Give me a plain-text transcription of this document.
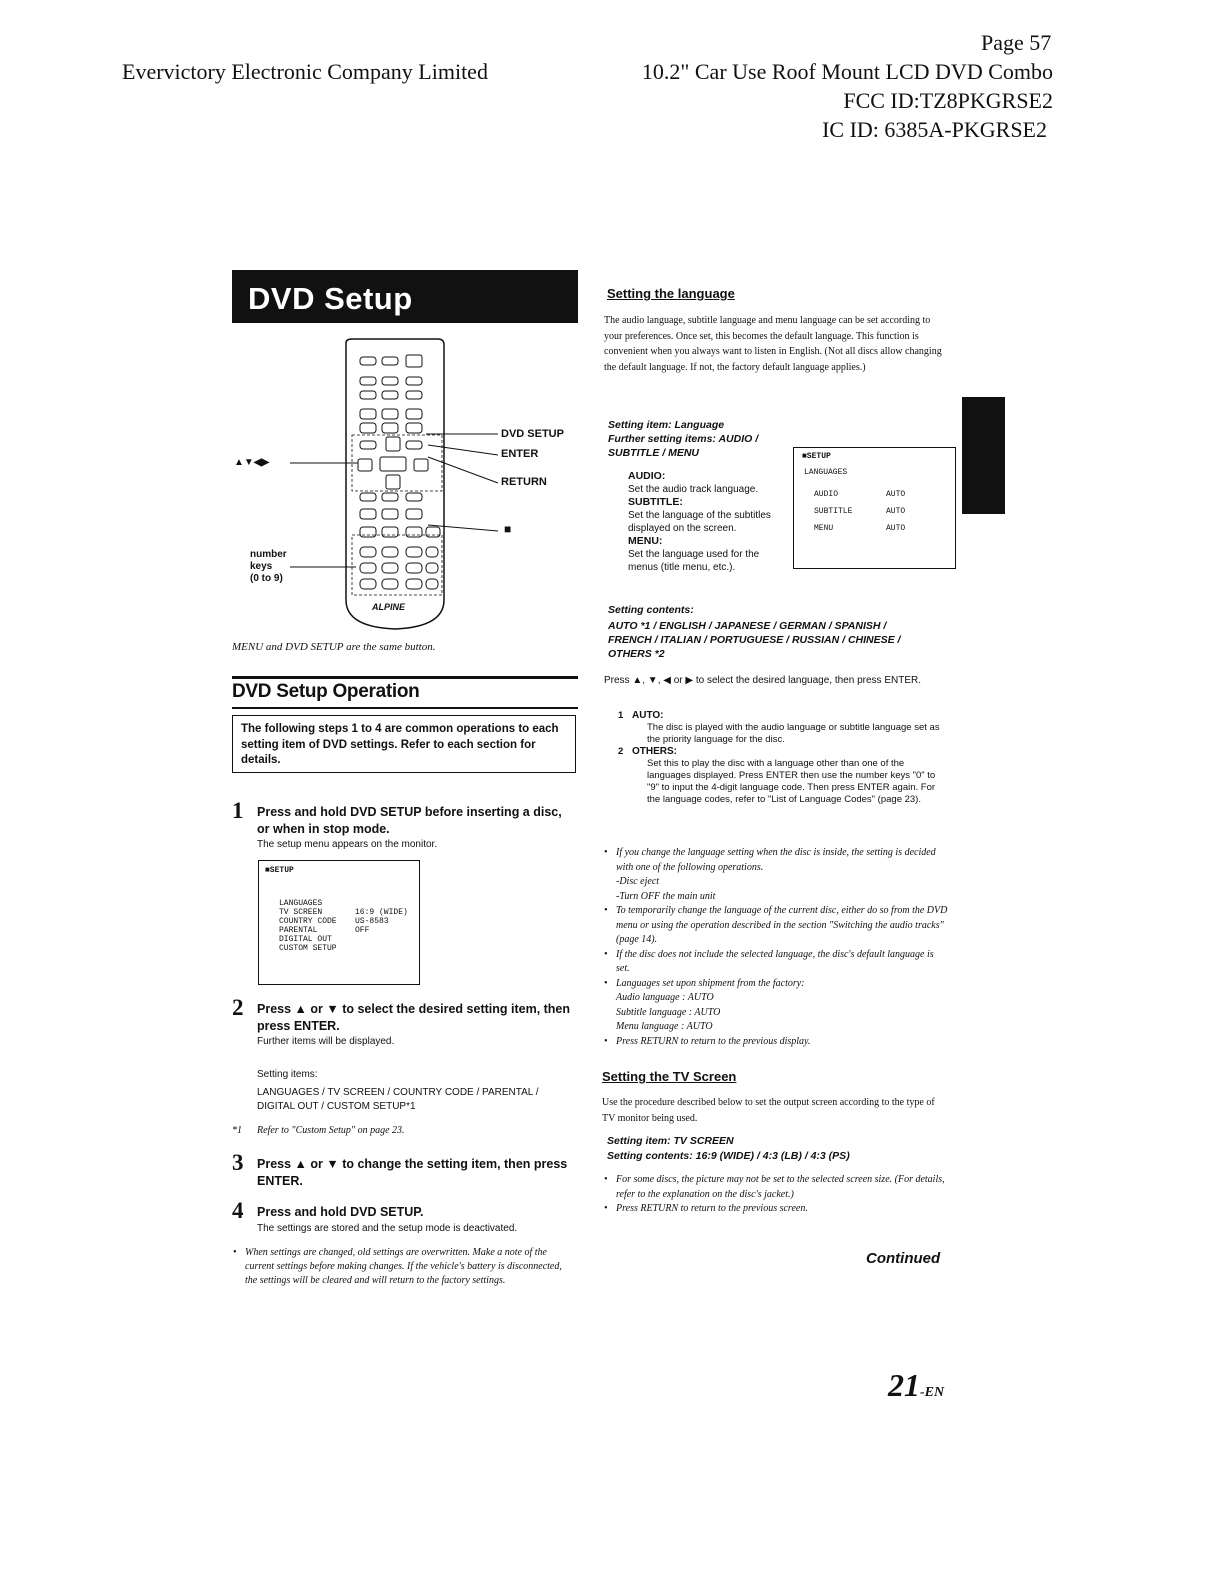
Page 57
Evervictory Electronic Company Limited	10.2" Car Use Roof Mount LCD DVD Combo
FCC ID:TZ8PKGRSE2
IC ID: 6385A-PKGRSE2
DVD Setup
ALPINE
DVD SETUP
ENTER
RETURN
■
▲▼◀▶
number
keys
(0 to 9)
MENU and DVD SETUP are the same button.
DVD Setup Operation
The following steps 1 to 4 are common operations to each setting item of DVD settings. Refer to each section for details.
1 Press and hold DVD SETUP before inserting a disc, or when in stop mode.
The setup menu appears on the monitor.
■SETUP
LANGUAGES
TV SCREEN	16:9 (WIDE)
COUNTRY CODE US-8583
PARENTAL	OFF
DIGITAL OUT
CUSTOM SETUP
2 Press ▲ or ▼ to select the desired setting item, then press ENTER.
Further items will be displayed.
Setting items:
LANGUAGES / TV SCREEN / COUNTRY CODE / PARENTAL / DIGITAL OUT / CUSTOM SETUP*1
*1 Refer to "Custom Setup" on page 23.
3 Press ▲ or ▼ to change the setting item, then press ENTER.
4 Press and hold DVD SETUP.
The settings are stored and the setup mode is deactivated.
• When settings are changed, old settings are overwritten. Make a note of the current settings before making changes. If the vehicle's battery is disconnected, the settings will be cleared and will return to the factory settings.
Setting the language
The audio language, subtitle language and menu language can be set according to your preferences. Once set, this becomes the default language. This function is convenient when you always want to listen in English. (Not all discs allow changing the default language. If not, the factory default language applies.)
Setting item: Language
Further setting items: AUDIO /
SUBTITLE / MENU
AUDIO:
Set the audio track language.
SUBTITLE:
Set the language of the subtitles displayed on the screen.
MENU:
Set the language used for the menus (title menu, etc.).
■SETUP
LANGUAGES
AUDIO	AUTO
SUBTITLE	AUTO
MENU	AUTO
Setting contents:
AUTO *1 / ENGLISH / JAPANESE / GERMAN / SPANISH / FRENCH / ITALIAN / PORTUGUESE / RUSSIAN / CHINESE / OTHERS *2
Press ▲, ▼, ◀ or ▶ to select the desired language, then press ENTER.
1 AUTO:
The disc is played with the audio language or subtitle language set as the priority language for the disc.
2 OTHERS:
Set this to play the disc with a language other than one of the languages displayed. Press ENTER then use the number keys "0" to "9" to input the 4-digit language code. Then press ENTER again. For the language codes, refer to "List of Language Codes" (page 23).
• If you change the language setting when the disc is inside, the setting is decided with one of the following operations.
-Disc eject
-Turn OFF the main unit
• To temporarily change the language of the current disc, either do so from the DVD menu or using the operation described in the section "Switching the audio tracks" (page 14).
• If the disc does not include the selected language, the disc's default language is set.
• Languages set upon shipment from the factory:
Audio language : AUTO
Subtitle language : AUTO
Menu language : AUTO
• Press RETURN to return to the previous display.
Setting the TV Screen
Use the procedure described below to set the output screen according to the type of TV monitor being used.
Setting item: TV SCREEN
Setting contents: 16:9 (WIDE) / 4:3 (LB) / 4:3 (PS)
• For some discs, the picture may not be set to the selected screen size. (For details, refer to the explanation on the disc's jacket.)
• Press RETURN to return to the previous screen.
Continued
21-EN
